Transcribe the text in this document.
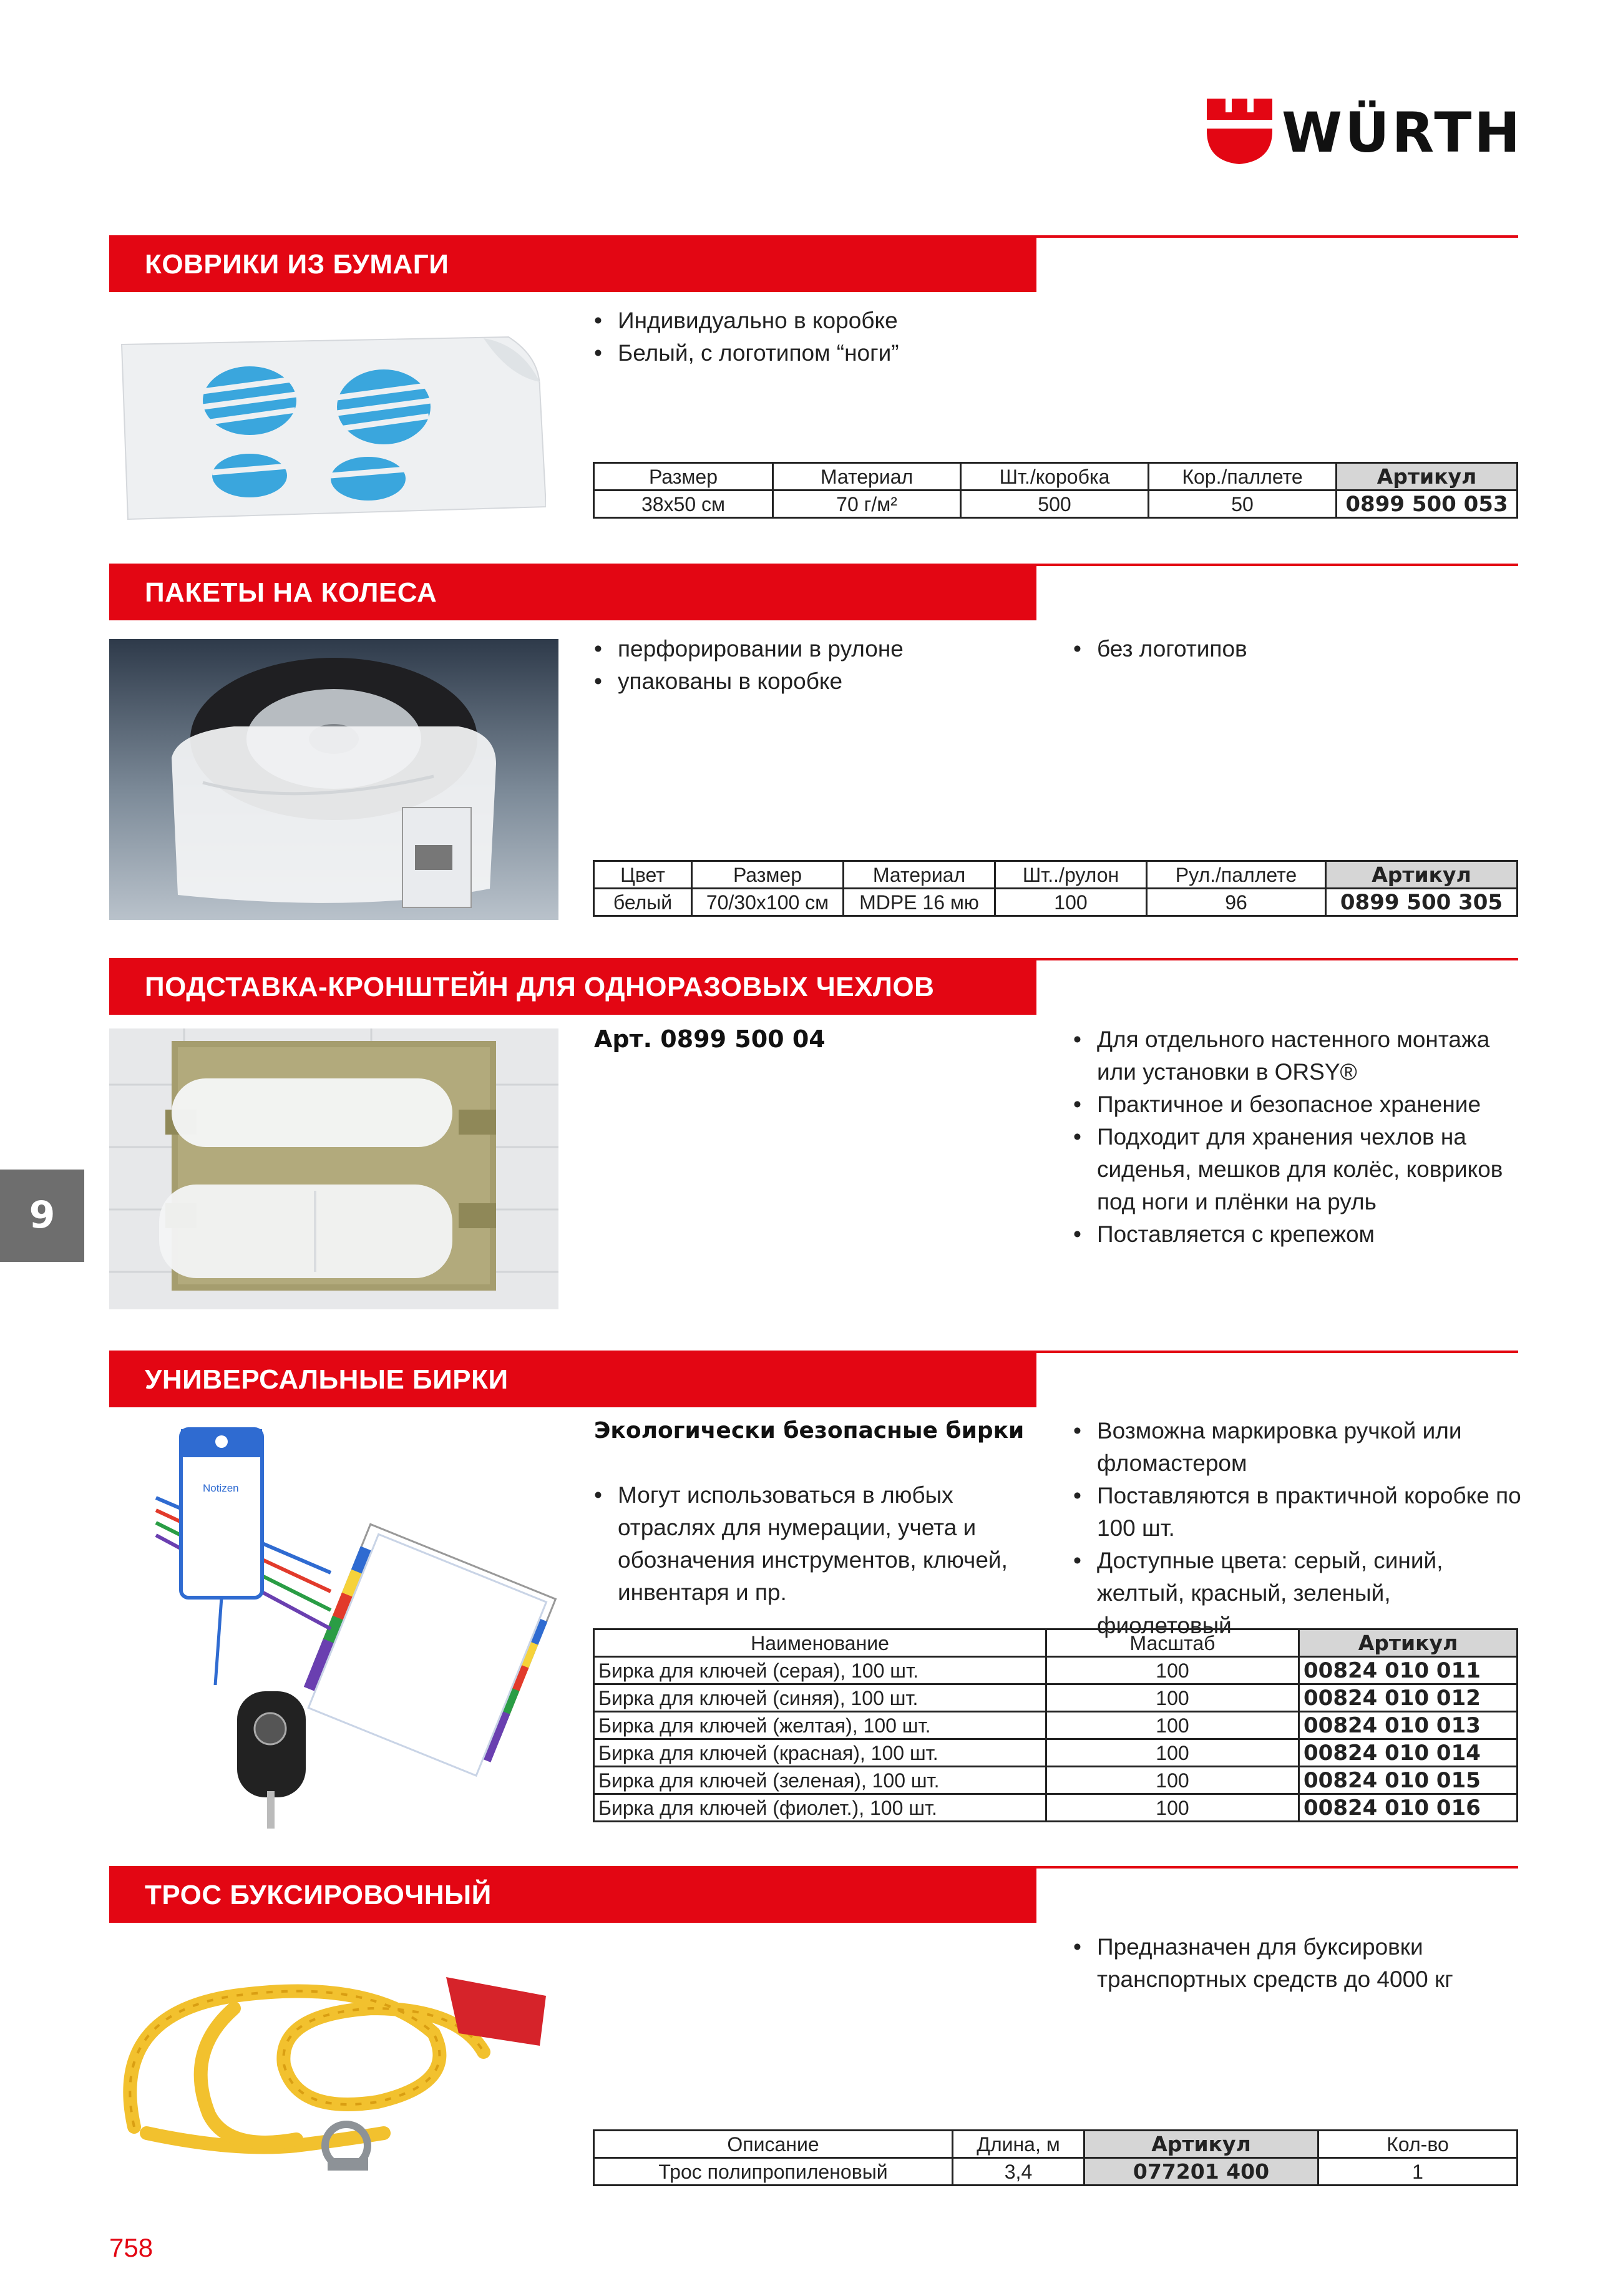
WÜRTH
КОВРИКИ ИЗ БУМАГИ
• Индивидуально в коробке
• Белый, с логотипом “ноги”
Размер	Материал	Шт./коробка	Кор./паллете	Артикул
38x50 см	70 г/м²	500	50	0899 500 053
ПАКЕТЫ НА КОЛЕСА
• перфорировании в рулоне
• упакованы в коробке
• без логотипов
Цвет	Размер	Материал	Шт../рулон	Рул./паллете	Артикул
белый	70/30x100 см	MDPE 16 мю	100	96	0899 500 305
ПОДСТАВКА-КРОНШТЕЙН ДЛЯ ОДНОРАЗОВЫХ ЧЕХЛОВ
Арт. 0899 500 04	• Для отдельного настенного монтажа или установки в ORSY®
• Практичное и безопасное хранение
• Подходит для хранения чехлов на сиденья, мешков для колёс, ковриков под ноги и плёнки на руль
• Поставляется с крепежом
9
УНИВЕРСАЛЬНЫЕ БИРКИ
Notizen
Экологически безопасные бирки
• Могут использоваться в любых отраслях для нумерации, учета и обозначения инструментов, ключей, инвентаря и пр.
• Возможна маркировка ручкой или фломастером
• Поставляются в практичной коробке по 100 шт.
• Доступные цвета: серый, синий, желтый, красный, зеленый, фиолетовый
Наименование	Масштаб	Артикул
Бирка для ключей (серая), 100 шт.	100	00824 010 011
Бирка для ключей (синяя), 100 шт.	100	00824 010 012
Бирка для ключей (желтая), 100 шт.	100	00824 010 013
Бирка для ключей (красная), 100 шт.	100	00824 010 014
Бирка для ключей (зеленая), 100 шт.	100	00824 010 015
Бирка для ключей (фиолет.), 100 шт.	100	00824 010 016
ТРОС БУКСИРОВОЧНЫЙ
• Предназначен для буксировки транспортных средств до 4000 кг
Описание	Длина, м	Артикул	Кол-во
Трос полипропиленовый	3,4	077201 400	1
758
